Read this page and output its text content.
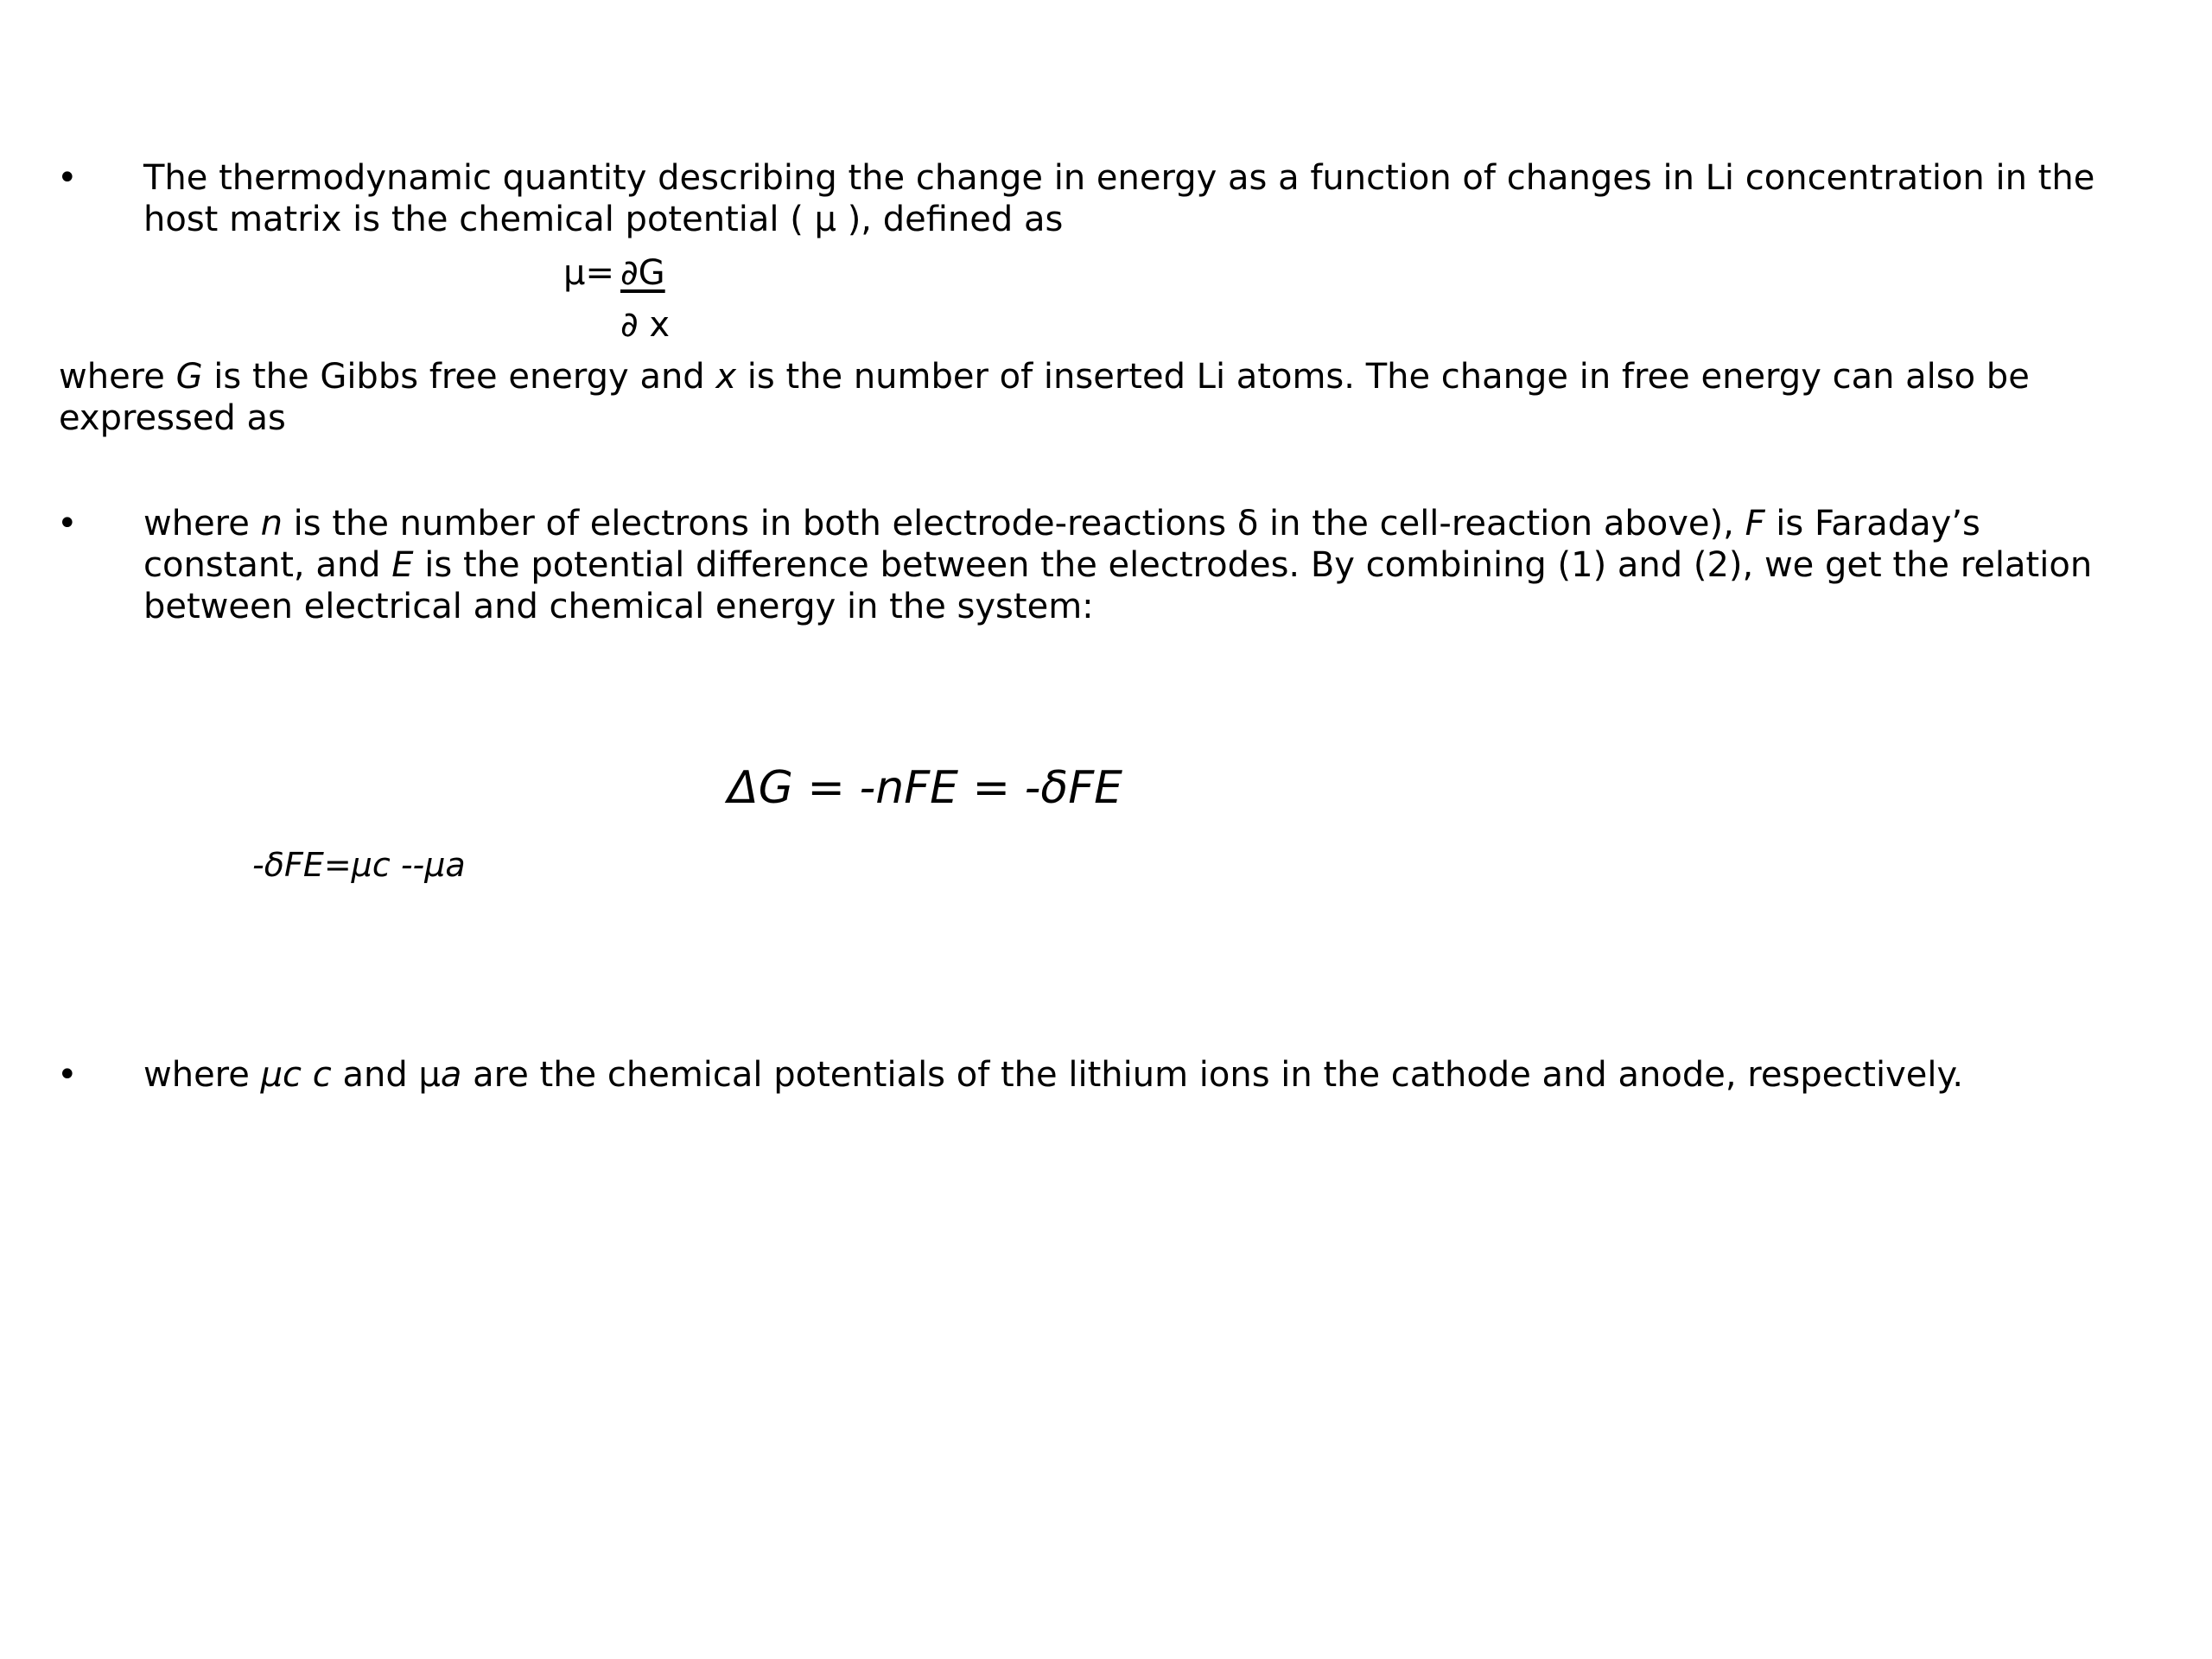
• The thermodynamic quantity describing the change in energy as a function of changes in Li concentration in the
host matrix is the chemical potential ( μ ), defined as
μ= ∂G
∂ x
where G is the Gibbs free energy and x is the number of inserted Li atoms. The change in free energy can also be
expressed as
• where n is the number of electrons in both electrode-reactions δ in the cell-reaction above), F is Faraday’s
constant, and E is the potential difference between the electrodes. By combining (1) and (2), we get the relation
between electrical and chemical energy in the system:
ΔG = -nFE = -δFE
-δFE=μc --μa
• where μc c and μa are the chemical potentials of the lithium ions in the cathode and anode, respectively.
